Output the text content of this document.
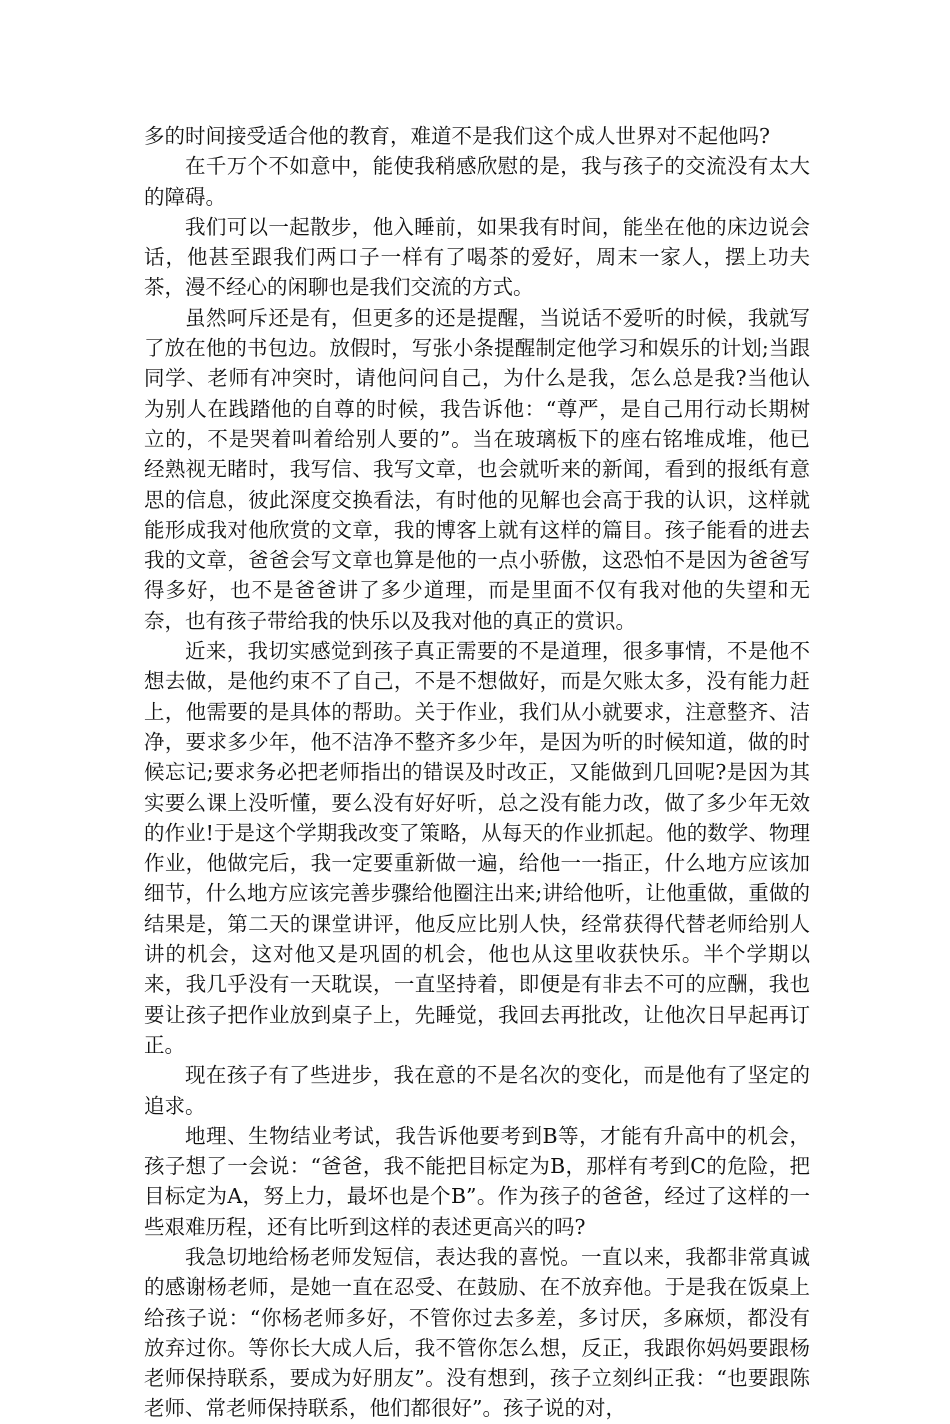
多的时间接受适合他的教育，难道不是我们这个成人世界对不起他吗?

在千万个不如意中，能使我稍感欣慰的是，我与孩子的交流没有太大的障碍。

我们可以一起散步，他入睡前，如果我有时间，能坐在他的床边说会话，他甚至跟我们两口子一样有了喝茶的爱好，周末一家人，摆上功夫茶，漫不经心的闲聊也是我们交流的方式。

虽然呵斥还是有，但更多的还是提醒，当说话不爱听的时候，我就写了放在他的书包边。放假时，写张小条提醒制定他学习和娱乐的计划;当跟同学、老师有冲突时，请他问问自己，为什么是我，怎么总是我?当他认为别人在践踏他的自尊的时候，我告诉他：“尊严，是自己用行动长期树立的，不是哭着叫着给别人要的”。当在玻璃板下的座右铭堆成堆，他已经熟视无睹时，我写信、我写文章，也会就听来的新闻，看到的报纸有意思的信息，彼此深度交换看法，有时他的见解也会高于我的认识，这样就能形成我对他欣赏的文章，我的博客上就有这样的篇目。孩子能看的进去我的文章，爸爸会写文章也算是他的一点小骄傲，这恐怕不是因为爸爸写得多好，也不是爸爸讲了多少道理，而是里面不仅有我对他的失望和无奈，也有孩子带给我的快乐以及我对他的真正的赏识。

近来，我切实感觉到孩子真正需要的不是道理，很多事情，不是他不想去做，是他约束不了自己，不是不想做好，而是欠账太多，没有能力赶上，他需要的是具体的帮助。关于作业，我们从小就要求，注意整齐、洁净，要求多少年，他不洁净不整齐多少年，是因为听的时候知道，做的时候忘记;要求务必把老师指出的错误及时改正，又能做到几回呢?是因为其实要么课上没听懂，要么没有好好听，总之没有能力改，做了多少年无效的作业!于是这个学期我改变了策略，从每天的作业抓起。他的数学、物理作业，他做完后，我一定要重新做一遍，给他一一指正，什么地方应该加细节，什么地方应该完善步骤给他圈注出来;讲给他听，让他重做，重做的结果是，第二天的课堂讲评，他反应比别人快，经常获得代替老师给别人讲的机会，这对他又是巩固的机会，他也从这里收获快乐。半个学期以来，我几乎没有一天耽误，一直坚持着，即便是有非去不可的应酬，我也要让孩子把作业放到桌子上，先睡觉，我回去再批改，让他次日早起再订正。

现在孩子有了些进步，我在意的不是名次的变化，而是他有了坚定的追求。

地理、生物结业考试，我告诉他要考到B等，才能有升高中的机会，孩子想了一会说：“爸爸，我不能把目标定为B，那样有考到C的危险，把目标定为A，努上力，最坏也是个B”。作为孩子的爸爸，经过了这样的一些艰难历程，还有比听到这样的表述更高兴的吗?

我急切地给杨老师发短信，表达我的喜悦。一直以来，我都非常真诚的感谢杨老师，是她一直在忍受、在鼓励、在不放弃他。于是我在饭桌上给孩子说：“你杨老师多好，不管你过去多差，多讨厌，多麻烦，都没有放弃过你。等你长大成人后，我不管你怎么想，反正，我跟你妈妈要跟杨老师保持联系，要成为好朋友”。没有想到，孩子立刻纠正我：“也要跟陈老师、常老师保持联系，他们都很好”。孩子说的对，
